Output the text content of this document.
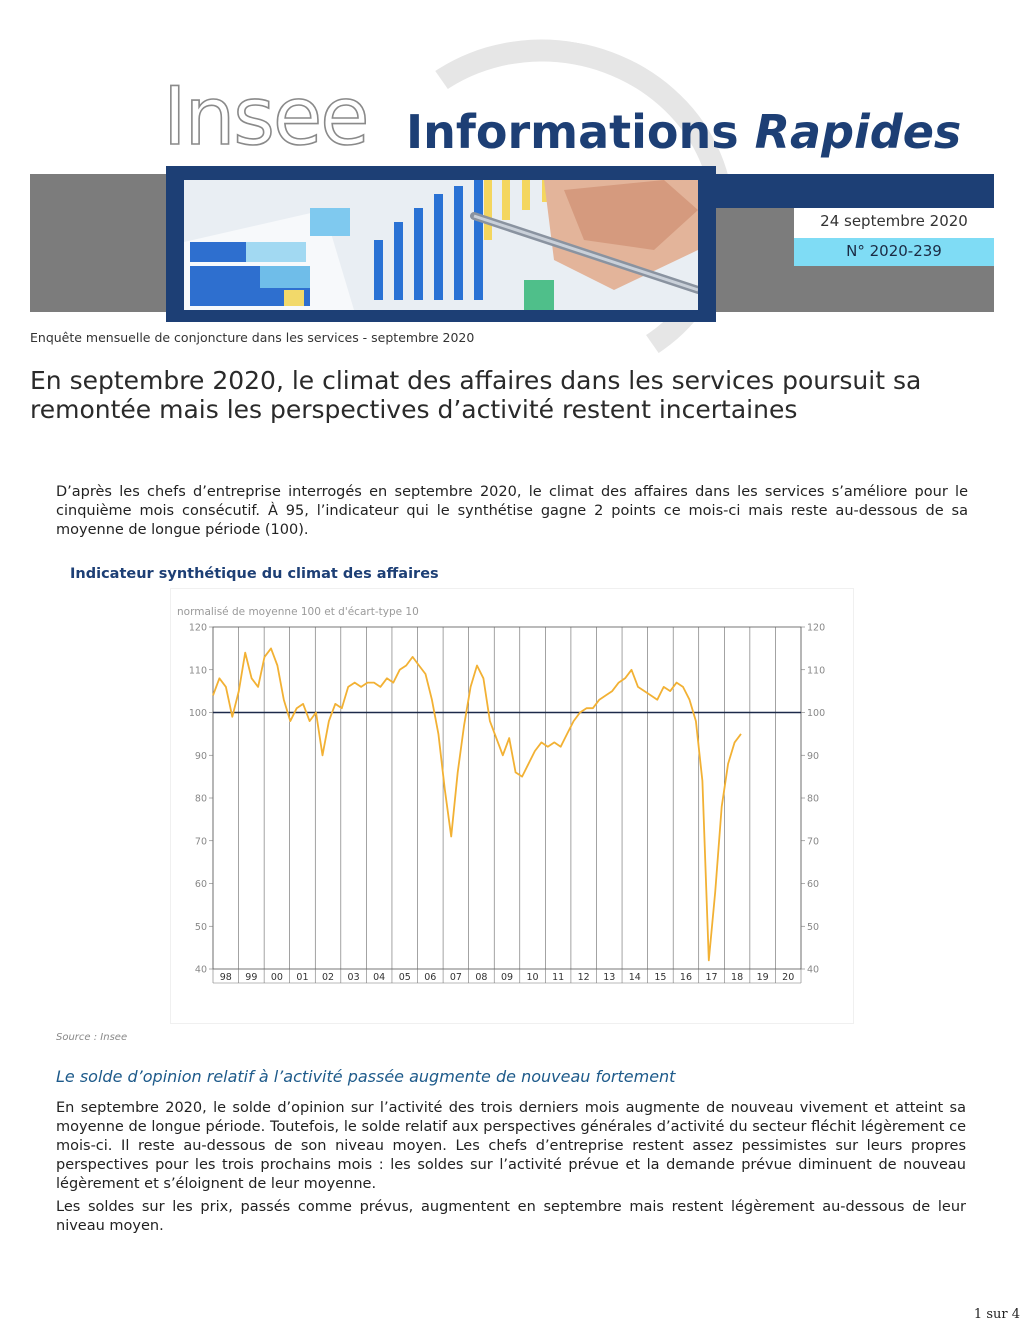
Insee Informations Rapides
24 septembre 2020
N° 2020-239
Enquête mensuelle de conjoncture dans les services - septembre 2020
En septembre 2020, le climat des affaires dans les services poursuit sa remontée mais les perspectives d’activité restent incertaines
D’après les chefs d’entreprise interrogés en septembre 2020, le climat des affaires dans les services s’améliore pour le cinquième mois consécutif. À 95, l’indicateur qui le synthétise gagne 2 points ce mois-ci mais reste au-dessous de sa moyenne de longue période (100).
Indicateur synthétique du climat des affaires
normalisé de moyenne 100 et d'écart-type 10
98 99 00 01 02 03 04 05 06 07 08 09 10 11 12 13 14 15 16 17 18 19 20
120	120
110	110
100	100
90	90
80	80
70	70
60	60
50	50
40	40
Source : Insee
Le solde d’opinion relatif à l’activité passée augmente de nouveau fortement
En septembre 2020, le solde d’opinion sur l’activité des trois derniers mois augmente de nouveau vivement et atteint sa moyenne de longue période. Toutefois, le solde relatif aux perspectives générales d’activité du secteur fléchit légèrement ce mois-ci. Il reste au-dessous de son niveau moyen. Les chefs d’entreprise restent assez pessimistes sur leurs propres perspectives pour les trois prochains mois : les soldes sur l’activité prévue et la demande prévue diminuent de nouveau légèrement et s’éloignent de leur moyenne.
Les soldes sur les prix, passés comme prévus, augmentent en septembre mais restent légèrement au-dessous de leur niveau moyen.
1 sur 4
